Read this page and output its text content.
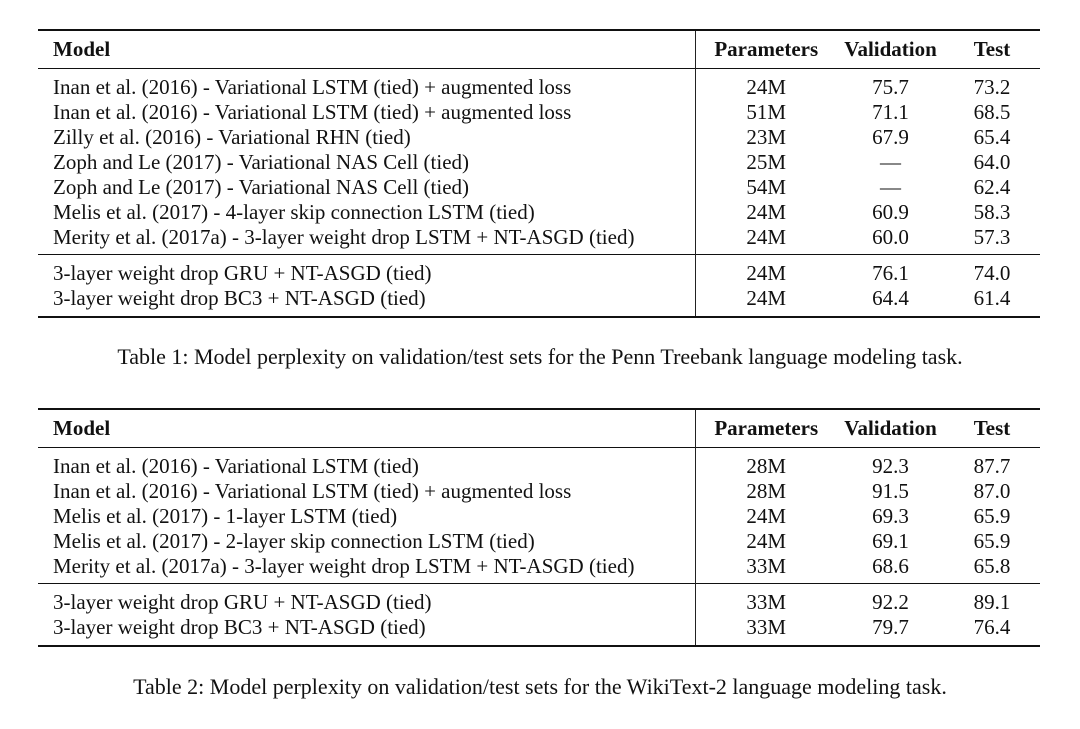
Model	Parameters	Validation	Test
Inan et al. (2016) - Variational LSTM (tied) + augmented loss	24M	75.7	73.2
Inan et al. (2016) - Variational LSTM (tied) + augmented loss	51M	71.1	68.5
Zilly et al. (2016) - Variational RHN (tied)	23M	67.9	65.4
Zoph and Le (2017) - Variational NAS Cell (tied)	25M	—	64.0
Zoph and Le (2017) - Variational NAS Cell (tied)	54M	—	62.4
Melis et al. (2017) - 4-layer skip connection LSTM (tied)	24M	60.9	58.3
Merity et al. (2017a) - 3-layer weight drop LSTM + NT-ASGD (tied)	24M	60.0	57.3
3-layer weight drop GRU + NT-ASGD (tied)	24M	76.1	74.0
3-layer weight drop BC3 + NT-ASGD (tied)	24M	64.4	61.4

Table 1: Model perplexity on validation/test sets for the Penn Treebank language modeling task.

Model	Parameters	Validation	Test
Inan et al. (2016) - Variational LSTM (tied)	28M	92.3	87.7
Inan et al. (2016) - Variational LSTM (tied) + augmented loss	28M	91.5	87.0
Melis et al. (2017) - 1-layer LSTM (tied)	24M	69.3	65.9
Melis et al. (2017) - 2-layer skip connection LSTM (tied)	24M	69.1	65.9
Merity et al. (2017a) - 3-layer weight drop LSTM + NT-ASGD (tied)	33M	68.6	65.8
3-layer weight drop GRU + NT-ASGD (tied)	33M	92.2	89.1
3-layer weight drop BC3 + NT-ASGD (tied)	33M	79.7	76.4

Table 2: Model perplexity on validation/test sets for the WikiText-2 language modeling task.
